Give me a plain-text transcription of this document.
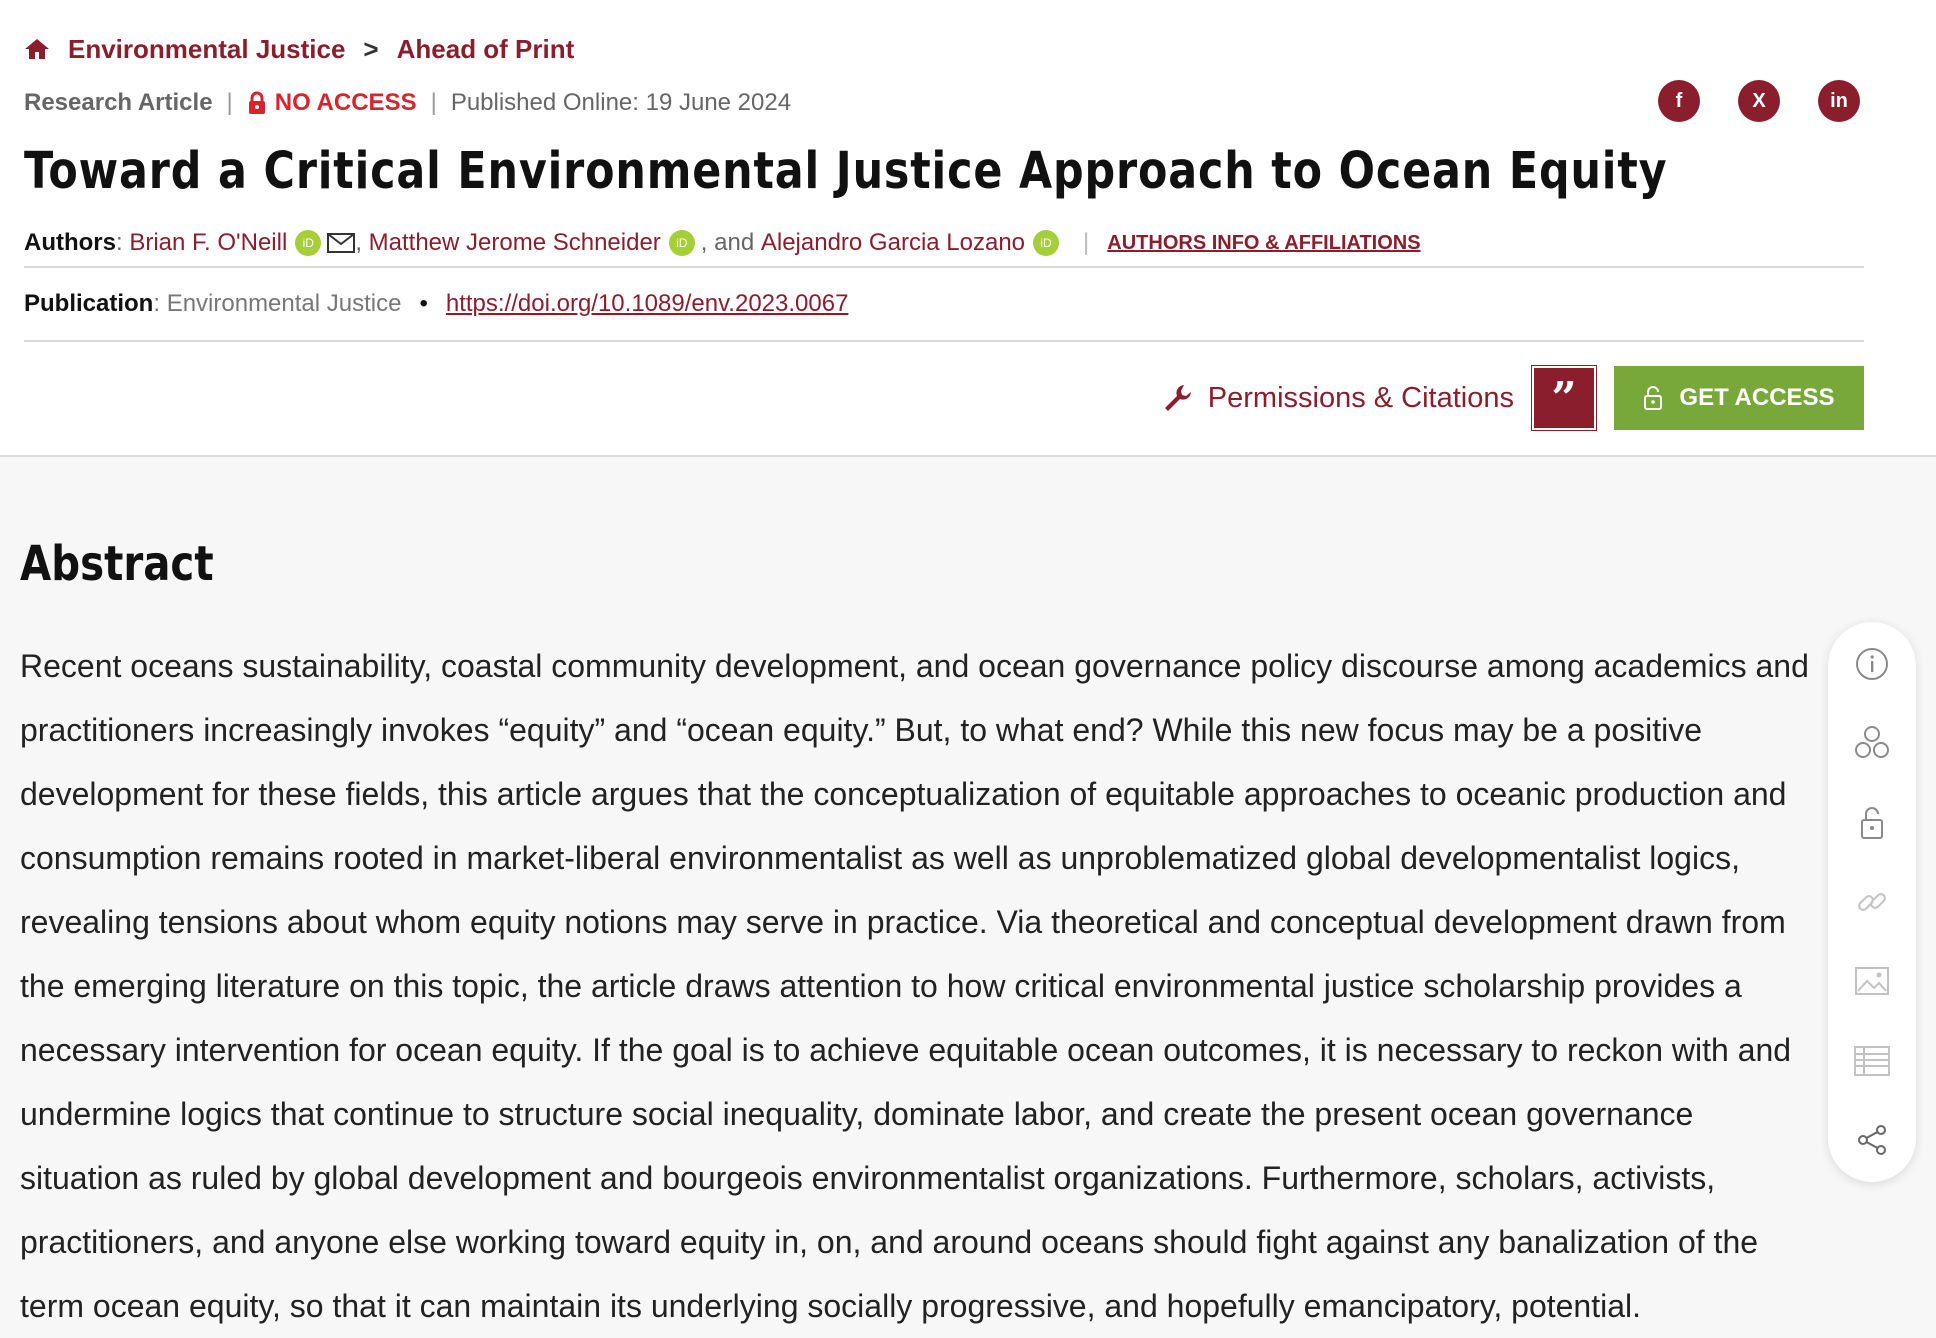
Environmental Justice > Ahead of Print
Research Article | NO ACCESS | Published Online: 19 June 2024	f	X	in
Toward a Critical Environmental Justice Approach to Ocean Equity
Authors : Brian F. O'Neill	iD	, Matthew Jerome Schneider	iD , and
Alejandro Garcia Lozano	iD	| AUTHORS INFO & AFFILIATIONS
Publication : Environmental Justice • https://doi.org/10.1089/env.2023.0067
Permissions & Citations ”	GET ACCESS
Abstract

Recent oceans sustainability, coastal community development, and ocean governance policy discourse among academics and practitioners increasingly invokes “equity” and “ocean equity.” But, to what end? While this new focus may be a positive development for these fields, this article argues that the conceptualization of equitable approaches to oceanic production and consumption remains rooted in market-liberal environmentalist as well as unproblematized global developmentalist logics, revealing tensions about whom equity notions may serve in practice. Via theoretical and conceptual development drawn from the emerging literature on this topic, the article draws attention to how critical environmental justice scholarship provides a necessary intervention for ocean equity. If the goal is to achieve equitable ocean outcomes, it is necessary to reckon with and undermine logics that continue to structure social inequality, dominate labor, and create the present ocean governance situation as ruled by global development and bourgeois environmentalist organizations. Furthermore, scholars, activists, practitioners, and anyone else working toward equity in, on, and around oceans should fight against any banalization of the term ocean equity, so that it can maintain its underlying socially progressive, and hopefully emancipatory, potential.
